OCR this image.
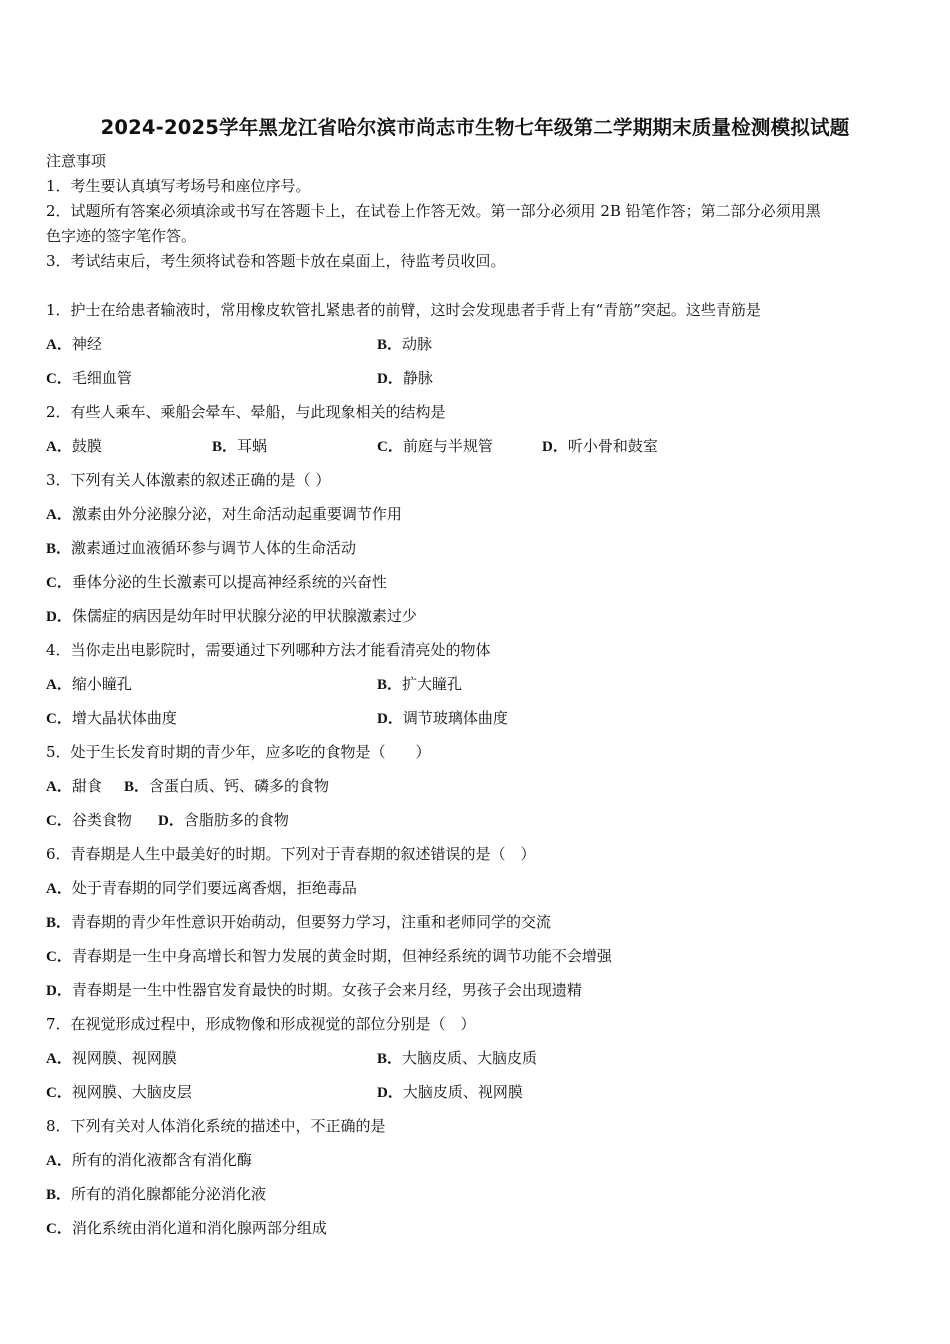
2024-2025学年黑龙江省哈尔滨市尚志市生物七年级第二学期期末质量检测模拟试题
注意事项
1．考生要认真填写考场号和座位序号。
2．试题所有答案必须填涂或书写在答题卡上，在试卷上作答无效。第一部分必须用 2B 铅笔作答；第二部分必须用黑
色字迹的签字笔作答。
3．考试结束后，考生须将试卷和答题卡放在桌面上，待监考员收回。
1．护士在给患者输液时，常用橡皮软管扎紧患者的前臂，这时会发现患者手背上有“青筋”突起。这些青筋是
A．神经	B．动脉
C．毛细血管	D．静脉
2．有些人乘车、乘船会晕车、晕船，与此现象相关的结构是
A．鼓膜	B．耳蜗	C．前庭与半规管	D．听小骨和鼓室
3．下列有关人体激素的叙述正确的是（ ）
A．激素由外分泌腺分泌，对生命活动起重要调节作用
B．激素通过血液循环参与调节人体的生命活动
C．垂体分泌的生长激素可以提高神经系统的兴奋性
D．侏儒症的病因是幼年时甲状腺分泌的甲状腺激素过少
4．当你走出电影院时，需要通过下列哪种方法才能看清亮处的物体
A．缩小瞳孔	B．扩大瞳孔
C．增大晶状体曲度	D．调节玻璃体曲度
5．处于生长发育时期的青少年，应多吃的食物是（　　）
A．甜食 B．含蛋白质、钙、磷多的食物
C．谷类食物 D．含脂肪多的食物
6．青春期是人生中最美好的时期。下列对于青春期的叙述错误的是（　）
A．处于青春期的同学们要远离香烟，拒绝毒品
B．青春期的青少年性意识开始萌动，但要努力学习，注重和老师同学的交流
C．青春期是一生中身高增长和智力发展的黄金时期，但神经系统的调节功能不会增强
D．青春期是一生中性器官发育最快的时期。女孩子会来月经，男孩子会出现遗精
7．在视觉形成过程中，形成物像和形成视觉的部位分别是（　）
A．视网膜、视网膜	B．大脑皮质、大脑皮质
C．视网膜、大脑皮层	D．大脑皮质、视网膜
8．下列有关对人体消化系统的描述中，不正确的是
A．所有的消化液都含有消化酶
B．所有的消化腺都能分泌消化液
C．消化系统由消化道和消化腺两部分组成
